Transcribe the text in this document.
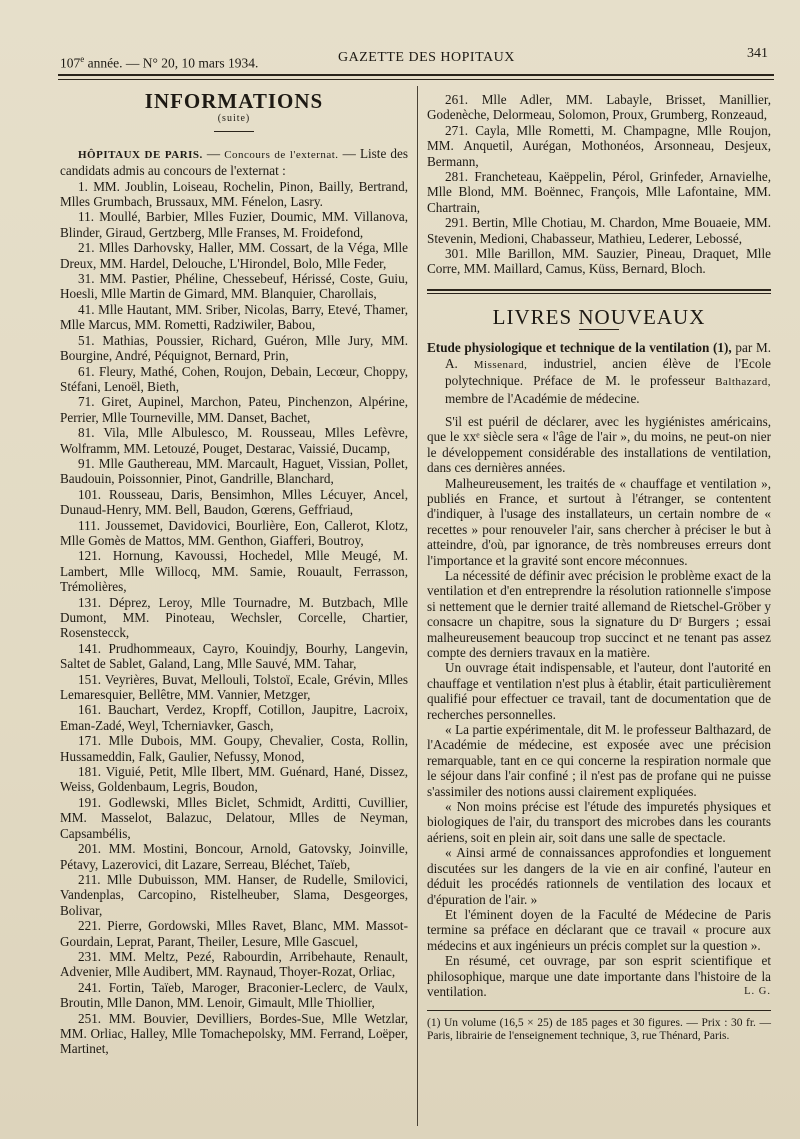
107e année. — N° 20, 10 mars 1934.	GAZETTE DES HOPITAUX	341
INFORMATIONS
(suite)

HÔPITAUX DE PARIS. — Concours de l'externat. — Liste des candidats admis au concours de l'externat :

1. MM. Joublin, Loiseau, Rochelin, Pinon, Bailly, Bertrand, Mlles Grumbach, Brussaux, MM. Fénelon, Lasry.

11. Moullé, Barbier, Mlles Fuzier, Doumic, MM. Villanova, Blinder, Giraud, Gertzberg, Mlle Franses, M. Froidefond,

21. Mlles Darhovsky, Haller, MM. Cossart, de la Véga, Mlle Dreux, MM. Hardel, Delouche, L'Hirondel, Bolo, Mlle Feder,

31. MM. Pastier, Phéline, Chessebeuf, Hérissé, Coste, Guiu, Hoesli, Mlle Martin de Gimard, MM. Blanquier, Charollais,

41. Mlle Hautant, MM. Sriber, Nicolas, Barry, Etevé, Thamer, Mlle Marcus, MM. Rometti, Radziwiler, Babou,

51. Mathias, Poussier, Richard, Guéron, Mlle Jury, MM. Bourgine, André, Péquignot, Bernard, Prin,

61. Fleury, Mathé, Cohen, Roujon, Debain, Lecœur, Choppy, Stéfani, Lenoël, Bieth,

71. Giret, Aupinel, Marchon, Pateu, Pinchenzon, Alpérine, Perrier, Mlle Tourneville, MM. Danset, Bachet,

81. Vila, Mlle Albulesco, M. Rousseau, Mlles Lefèvre, Wolframm, MM. Letouzé, Pouget, Destarac, Vaissié, Ducamp,

91. Mlle Gauthereau, MM. Marcault, Haguet, Vissian, Pollet, Baudouin, Poissonnier, Pinot, Gandrille, Blanchard,

101. Rousseau, Daris, Bensimhon, Mlles Lécuyer, Ancel, Dunaud-Henry, MM. Bell, Baudon, Gœrens, Geffriaud,

111. Joussemet, Davidovici, Bourlière, Eon, Callerot, Klotz, Mlle Gomès de Mattos, MM. Genthon, Giafferi, Boutroy,

121. Hornung, Kavoussi, Hochedel, Mlle Meugé, M. Lambert, Mlle Willocq, MM. Samie, Rouault, Ferrasson, Trémolières,

131. Déprez, Leroy, Mlle Tournadre, M. Butzbach, Mlle Dumont, MM. Pinoteau, Wechsler, Corcelle, Chartier, Rosenstecck,

141. Prudhommeaux, Cayro, Kouindjy, Bourhy, Langevin, Saltet de Sablet, Galand, Lang, Mlle Sauvé, MM. Tahar,

151. Veyrières, Buvat, Mellouli, Tolstoï, Ecale, Grévin, Mlles Lemaresquier, Bellêtre, MM. Vannier, Metzger,

161. Bauchart, Verdez, Kropff, Cotillon, Jaupitre, Lacroix, Eman-Zadé, Weyl, Tcherniavker, Gasch,

171. Mlle Dubois, MM. Goupy, Chevalier, Costa, Rollin, Hussameddin, Falk, Gaulier, Nefussy, Monod,

181. Viguié, Petit, Mlle Ilbert, MM. Guénard, Hané, Dissez, Weiss, Goldenbaum, Legris, Boudon,

191. Godlewski, Mlles Biclet, Schmidt, Arditti, Cuvillier, MM. Masselot, Balazuc, Delatour, Mlles de Neyman, Capsambélis,

201. MM. Mostini, Boncour, Arnold, Gatovsky, Joinville, Pétavy, Lazerovici, dit Lazare, Serreau, Bléchet, Taïeb,

211. Mlle Dubuisson, MM. Hanser, de Rudelle, Smilovici, Vandenplas, Carcopino, Ristelheuber, Slama, Desgeorges, Bolivar,

221. Pierre, Gordowski, Mlles Ravet, Blanc, MM. Massot-Gourdain, Leprat, Parant, Theiler, Lesure, Mlle Gascuel,

231. MM. Meltz, Pezé, Rabourdin, Arribehaute, Renault, Advenier, Mlle Audibert, MM. Raynaud, Thoyer-Rozat, Orliac,

241. Fortin, Taïeb, Maroger, Braconier-Leclerc, de Vaulx, Broutin, Mlle Danon, MM. Lenoir, Gimault, Mlle Thiollier,

251. MM. Bouvier, Devilliers, Bordes-Sue, Mlle Wetzlar, MM. Orliac, Halley, Mlle Tomachepolsky, MM. Ferrand, Loëper, Martinet,

261. Mlle Adler, MM. Labayle, Brisset, Manillier, Godenèche, Delormeau, Solomon, Proux, Grumberg, Ronzeaud,

271. Cayla, Mlle Rometti, M. Champagne, Mlle Roujon, MM. Anquetil, Aurégan, Mothonéos, Arsonneau, Desjeux, Bermann,

281. Francheteau, Kaëppelin, Pérol, Grinfeder, Arnavielhe, Mlle Blond, MM. Boënnec, François, Mlle Lafontaine, MM. Chartrain,

291. Bertin, Mlle Chotiau, M. Chardon, Mme Bouaeie, MM. Stevenin, Medioni, Chabasseur, Mathieu, Lederer, Lebossé,

301. Mlle Barillon, MM. Sauzier, Pineau, Draquet, Mlle Corre, MM. Maillard, Camus, Küss, Bernard, Bloch.

LIVRES NOUVEAUX

Etude physiologique et technique de la ventilation (1), par M. A. Missenard, industriel, ancien élève de l'Ecole polytechnique. Préface de M. le professeur Balthazard, membre de l'Académie de médecine.

S'il est puéril de déclarer, avec les hygiénistes américains, que le xxᵉ siècle sera « l'âge de l'air », du moins, ne peut-on nier le développement considérable des installations de ventilation, dans ces dernières années.

Malheureusement, les traités de « chauffage et ventilation », publiés en France, et surtout à l'étranger, se contentent d'indiquer, à l'usage des installateurs, un certain nombre de « recettes » pour renouveler l'air, sans chercher à préciser le but à atteindre, d'où, par ignorance, de très nombreuses erreurs dont l'importance et la gravité sont encore méconnues.

La nécessité de définir avec précision le problème exact de la ventilation et d'en entreprendre la résolution rationnelle s'impose si nettement que le dernier traité allemand de Rietschel-Gröber y consacre un chapitre, sous la signature du Dʳ Burgers ; essai malheureusement beaucoup trop succinct et ne tenant pas assez compte des derniers travaux en la matière.

Un ouvrage était indispensable, et l'auteur, dont l'autorité en chauffage et ventilation n'est plus à établir, était particulièrement qualifié pour effectuer ce travail, tant de documentation que de recherches personnelles.

« La partie expérimentale, dit M. le professeur Balthazard, de l'Académie de médecine, est exposée avec une précision remarquable, tant en ce qui concerne la respiration normale que le séjour dans l'air confiné ; il n'est pas de profane qui ne puisse s'assimiler des notions aussi clairement expliquées.

« Non moins précise est l'étude des impuretés physiques et biologiques de l'air, du transport des microbes dans les courants aériens, soit en plein air, soit dans une salle de spectacle.

« Ainsi armé de connaissances approfondies et longuement discutées sur les dangers de la vie en air confiné, l'auteur en déduit les procédés rationnels de ventilation des locaux et d'épuration de l'air. »

Et l'éminent doyen de la Faculté de Médecine de Paris termine sa préface en déclarant que ce travail « procure aux médecins et aux ingénieurs un précis complet sur la question ».

En résumé, cet ouvrage, par son esprit scientifique et philosophique, marque une date importante dans l'histoire de la ventilation.	L. G.

(1) Un volume (16,5 × 25) de 185 pages et 30 figures. — Prix : 30 fr. — Paris, librairie de l'enseignement technique, 3, rue Thénard, Paris.
